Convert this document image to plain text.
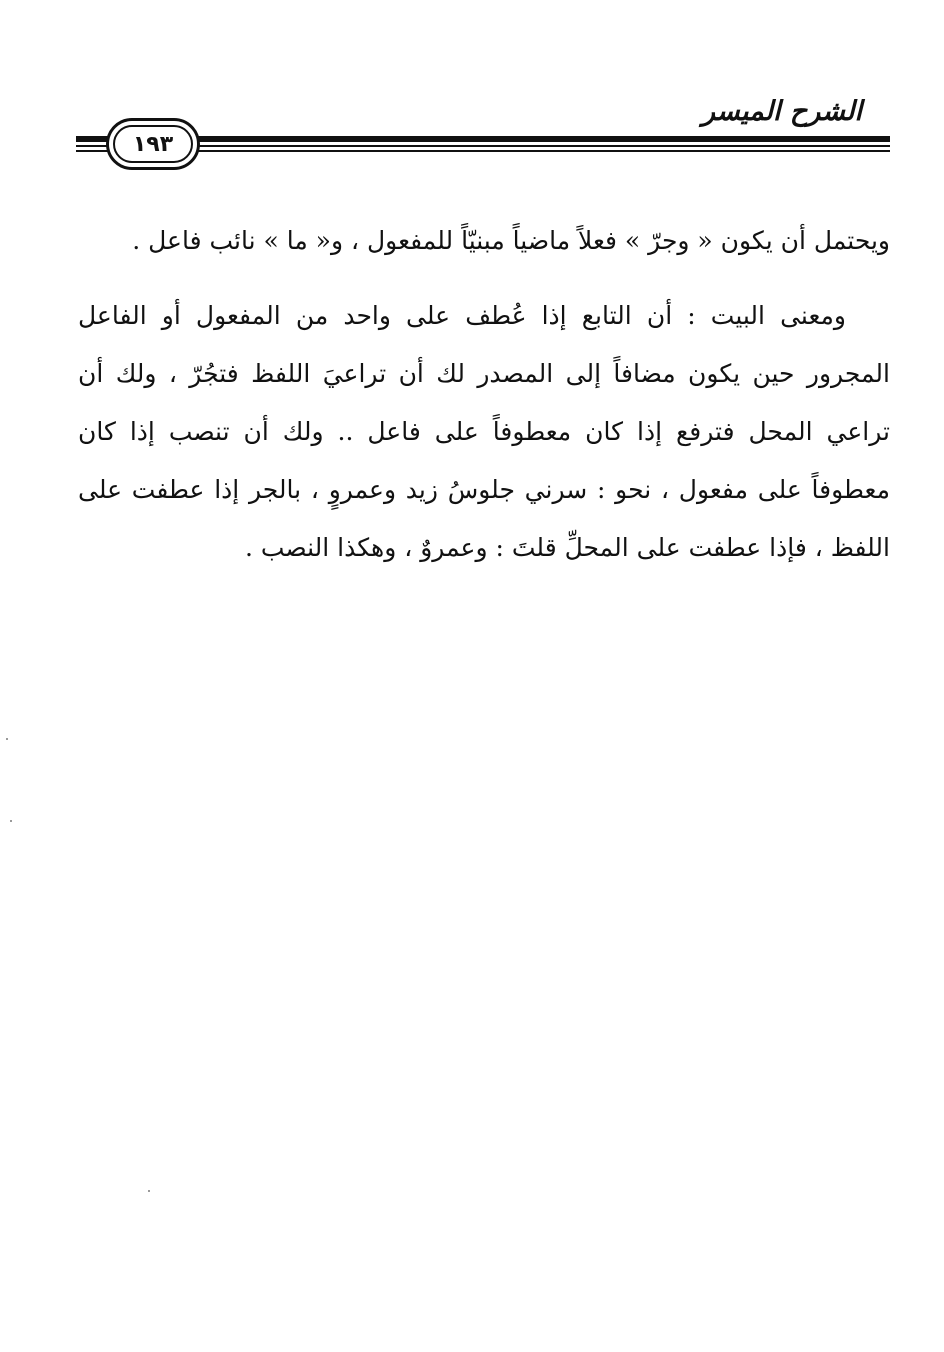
الشرح الميسر
١٩٣
ويحتمل أن يكون « وجرّ » فعلاً ماضياً مبنيّاً للمفعول ، و« ما » نائب فاعل .
ومعنى البيت : أن التابع إذا عُطف على واحد من المفعول أو الفاعل المجرور حين يكون مضافاً إلى المصدر لك أن تراعيَ اللفظ فتجُرّ ، ولك أن تراعي المحل فترفع إذا كان معطوفاً على فاعل .. ولك أن تنصب إذا كان معطوفاً على مفعول ، نحو : سرني جلوسُ زيد وعمروٍ ، بالجر إذا عطفت على اللفظ ، فإذا عطفت على المحلِّ قلتَ : وعمروٌ ، وهكذا النصب .
